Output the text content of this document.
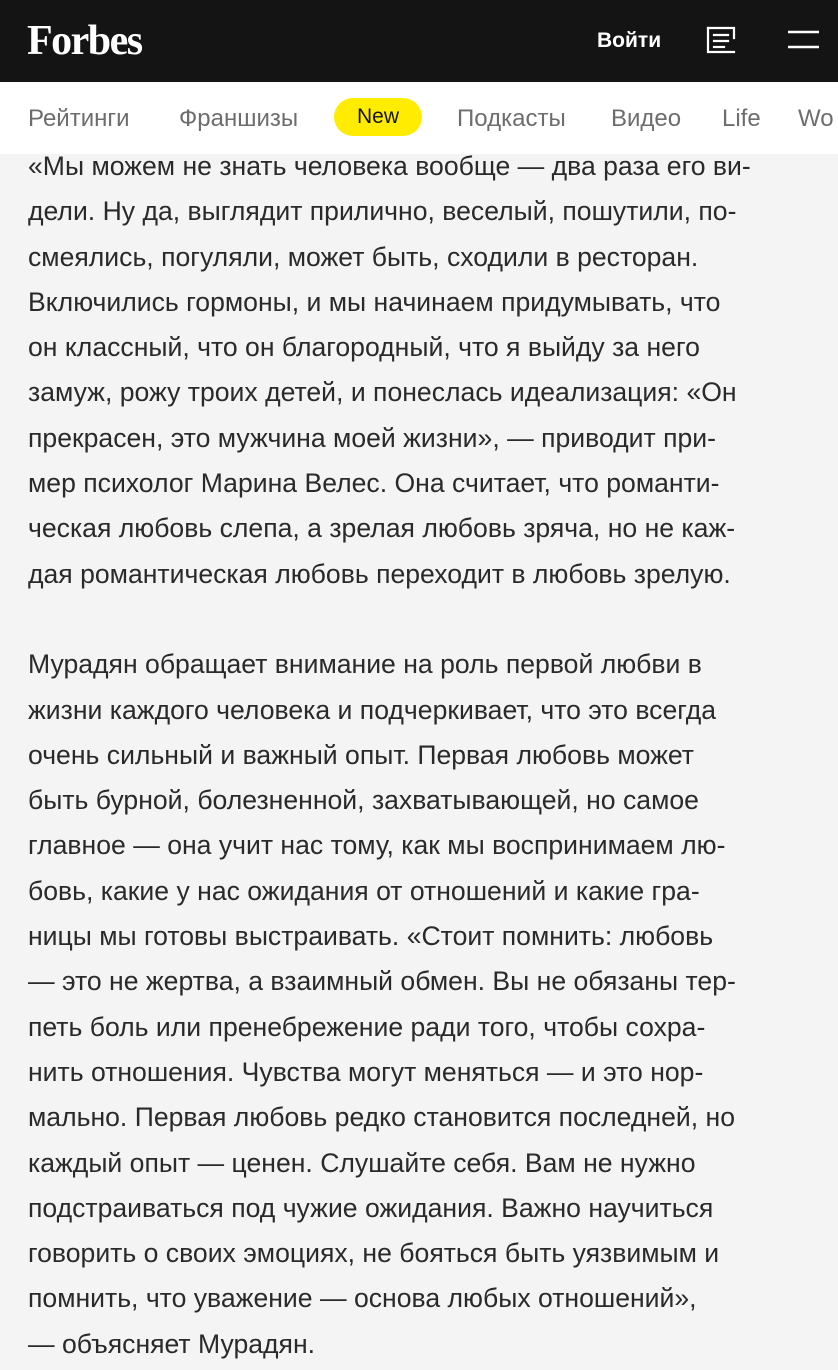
Forbes	Войти
Рейтинги Франшизы	New	Подкасты Видео Life Wo

«Мы можем не знать человека вообще — два раза его ви-
дели. Ну да, выглядит прилично, веселый, пошутили, по-
смеялись, погуляли, может быть, сходили в ресторан.
Включились гормоны, и мы начинаем придумывать, что
он классный, что он благородный, что я выйду за него
замуж, рожу троих детей, и понеслась идеализация: «Он
прекрасен, это мужчина моей жизни», — приводит при-
мер психолог Марина Велес. Она считает, что романти-
ческая любовь слепа, а зрелая любовь зряча, но не каж-
дая романтическая любовь переходит в любовь зрелую.

Мурадян обращает внимание на роль первой любви в
жизни каждого человека и подчеркивает, что это всегда
очень сильный и важный опыт. Первая любовь может
быть бурной, болезненной, захватывающей, но самое
главное — она учит нас тому, как мы воспринимаем лю-
бовь, какие у нас ожидания от отношений и какие гра-
ницы мы готовы выстраивать. «Стоит помнить: любовь
— это не жертва, а взаимный обмен. Вы не обязаны тер-
петь боль или пренебрежение ради того, чтобы сохра-
нить отношения. Чувства могут меняться — и это нор-
мально. Первая любовь редко становится последней, но
каждый опыт — ценен. Слушайте себя. Вам не нужно
подстраиваться под чужие ожидания. Важно научиться
говорить о своих эмоциях, не бояться быть уязвимым и
помнить, что уважение — основа любых отношений»,
— объясняет Мурадян.
